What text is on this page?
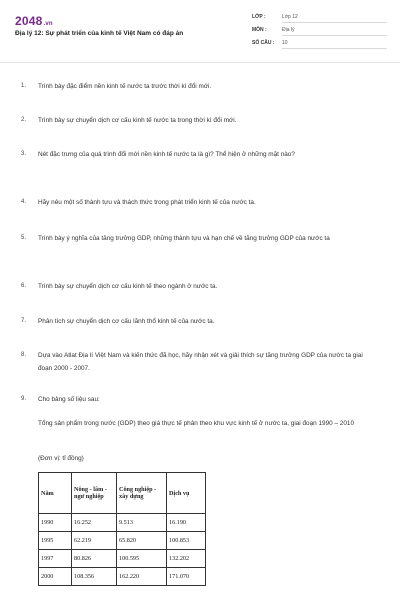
2048.vn
Địa lý 12: Sự phát triển của kinh tế Việt Nam có đáp án
LỚP :	Lớp 12
MÔN :	Địa lý
SỐ CÂU :	10
1. Trình bày đặc điểm nền kinh tế nước ta trước thời kì đổi mới.
2. Trình bày sự chuyển dịch cơ cấu kinh tế nước ta trong thời kì đổi mới.
3. Nét đặc trưng của quá trình đổi mới nền kinh tế nước ta là gì? Thể hiện ở những mặt nào?
4. Hãy nêu một số thành tựu và thách thức trong phát triển kinh tế của nước ta.
5. Trình bày ý nghĩa của tăng trưởng GDP, những thành tựu và hạn chế về tăng trưởng GDP của nước ta
6. Trình bày sự chuyển dịch cơ cấu kinh tế theo ngành ở nước ta.
7. Phân tích sự chuyển dịch cơ cấu lãnh thổ kinh tế của nước ta.
8. Dựa vào Atlat Địa lí Việt Nam và kiến thức đã học, hãy nhận xét và giải thích sự tăng trưởng GDP của nước ta giai đoạn 2000 - 2007.
9. Cho bảng số liệu sau:
Tổng sản phẩm trong nước (GDP) theo giá thực tế phân theo khu vực kinh tế ở nước ta, giai đoạn 1990 – 2010
(Đơn vị: tỉ đồng)
Năm	Nông - lâm - ngư nghiệp	Công nghiệp - xây dựng	Dịch vụ
1990	16.252	9.513	16.190
1995	62.219	65.820	100.853
1997	80.826	100.595	132.202
2000	108.356	162.220	171.070
